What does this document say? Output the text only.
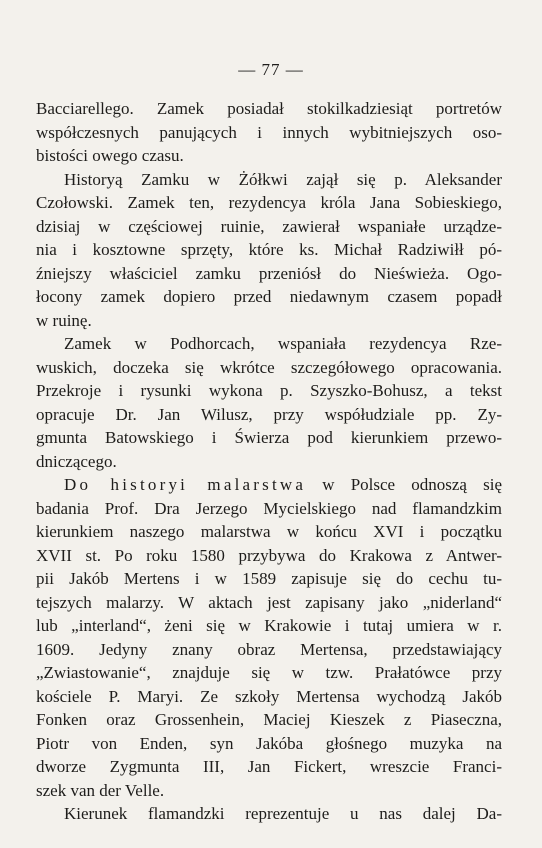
— 77 —
Bacciarellego. Zamek posiadał stokilkadziesiąt portretów
współczesnych panujących i innych wybitniejszych oso-
bistości owego czasu.
Historyą Zamku w Żółkwi zajął się p. Aleksander
Czołowski. Zamek ten, rezydencya króla Jana Sobieskiego,
dzisiaj w częściowej ruinie, zawierał wspaniałe urządze-
nia i kosztowne sprzęty, które ks. Michał Radziwiłł pó-
źniejszy właściciel zamku przeniósł do Nieświeża. Ogo-
łocony zamek dopiero przed niedawnym czasem popadł
w ruinę.
Zamek w Podhorcach, wspaniała rezydencya Rze-
wuskich, doczeka się wkrótce szczegółowego opracowania.
Przekroje i rysunki wykona p. Szyszko-Bohusz, a tekst
opracuje Dr. Jan Wilusz, przy współudziale pp. Zy-
gmunta Batowskiego i Świerza pod kierunkiem przewo-
dniczącego.
Do historyi malarstwa w Polsce odnoszą się
badania Prof. Dra Jerzego Mycielskiego nad flamandzkim
kierunkiem naszego malarstwa w końcu XVI i początku
XVII st. Po roku 1580 przybywa do Krakowa z Antwer-
pii Jakób Mertens i w 1589 zapisuje się do cechu tu-
tejszych malarzy. W aktach jest zapisany jako „niderland“
lub „interland“, żeni się w Krakowie i tutaj umiera w r.
1609. Jedyny znany obraz Mertensa, przedstawiający
„Zwiastowanie“, znajduje się w tzw. Prałatówce przy
kościele P. Maryi. Ze szkoły Mertensa wychodzą Jakób
Fonken oraz Grossenhein, Maciej Kieszek z Piaseczna,
Piotr von Enden, syn Jakóba głośnego muzyka na
dworze Zygmunta III, Jan Fickert, wreszcie Franci-
szek van der Velle.
Kierunek flamandzki reprezentuje u nas dalej Da-
